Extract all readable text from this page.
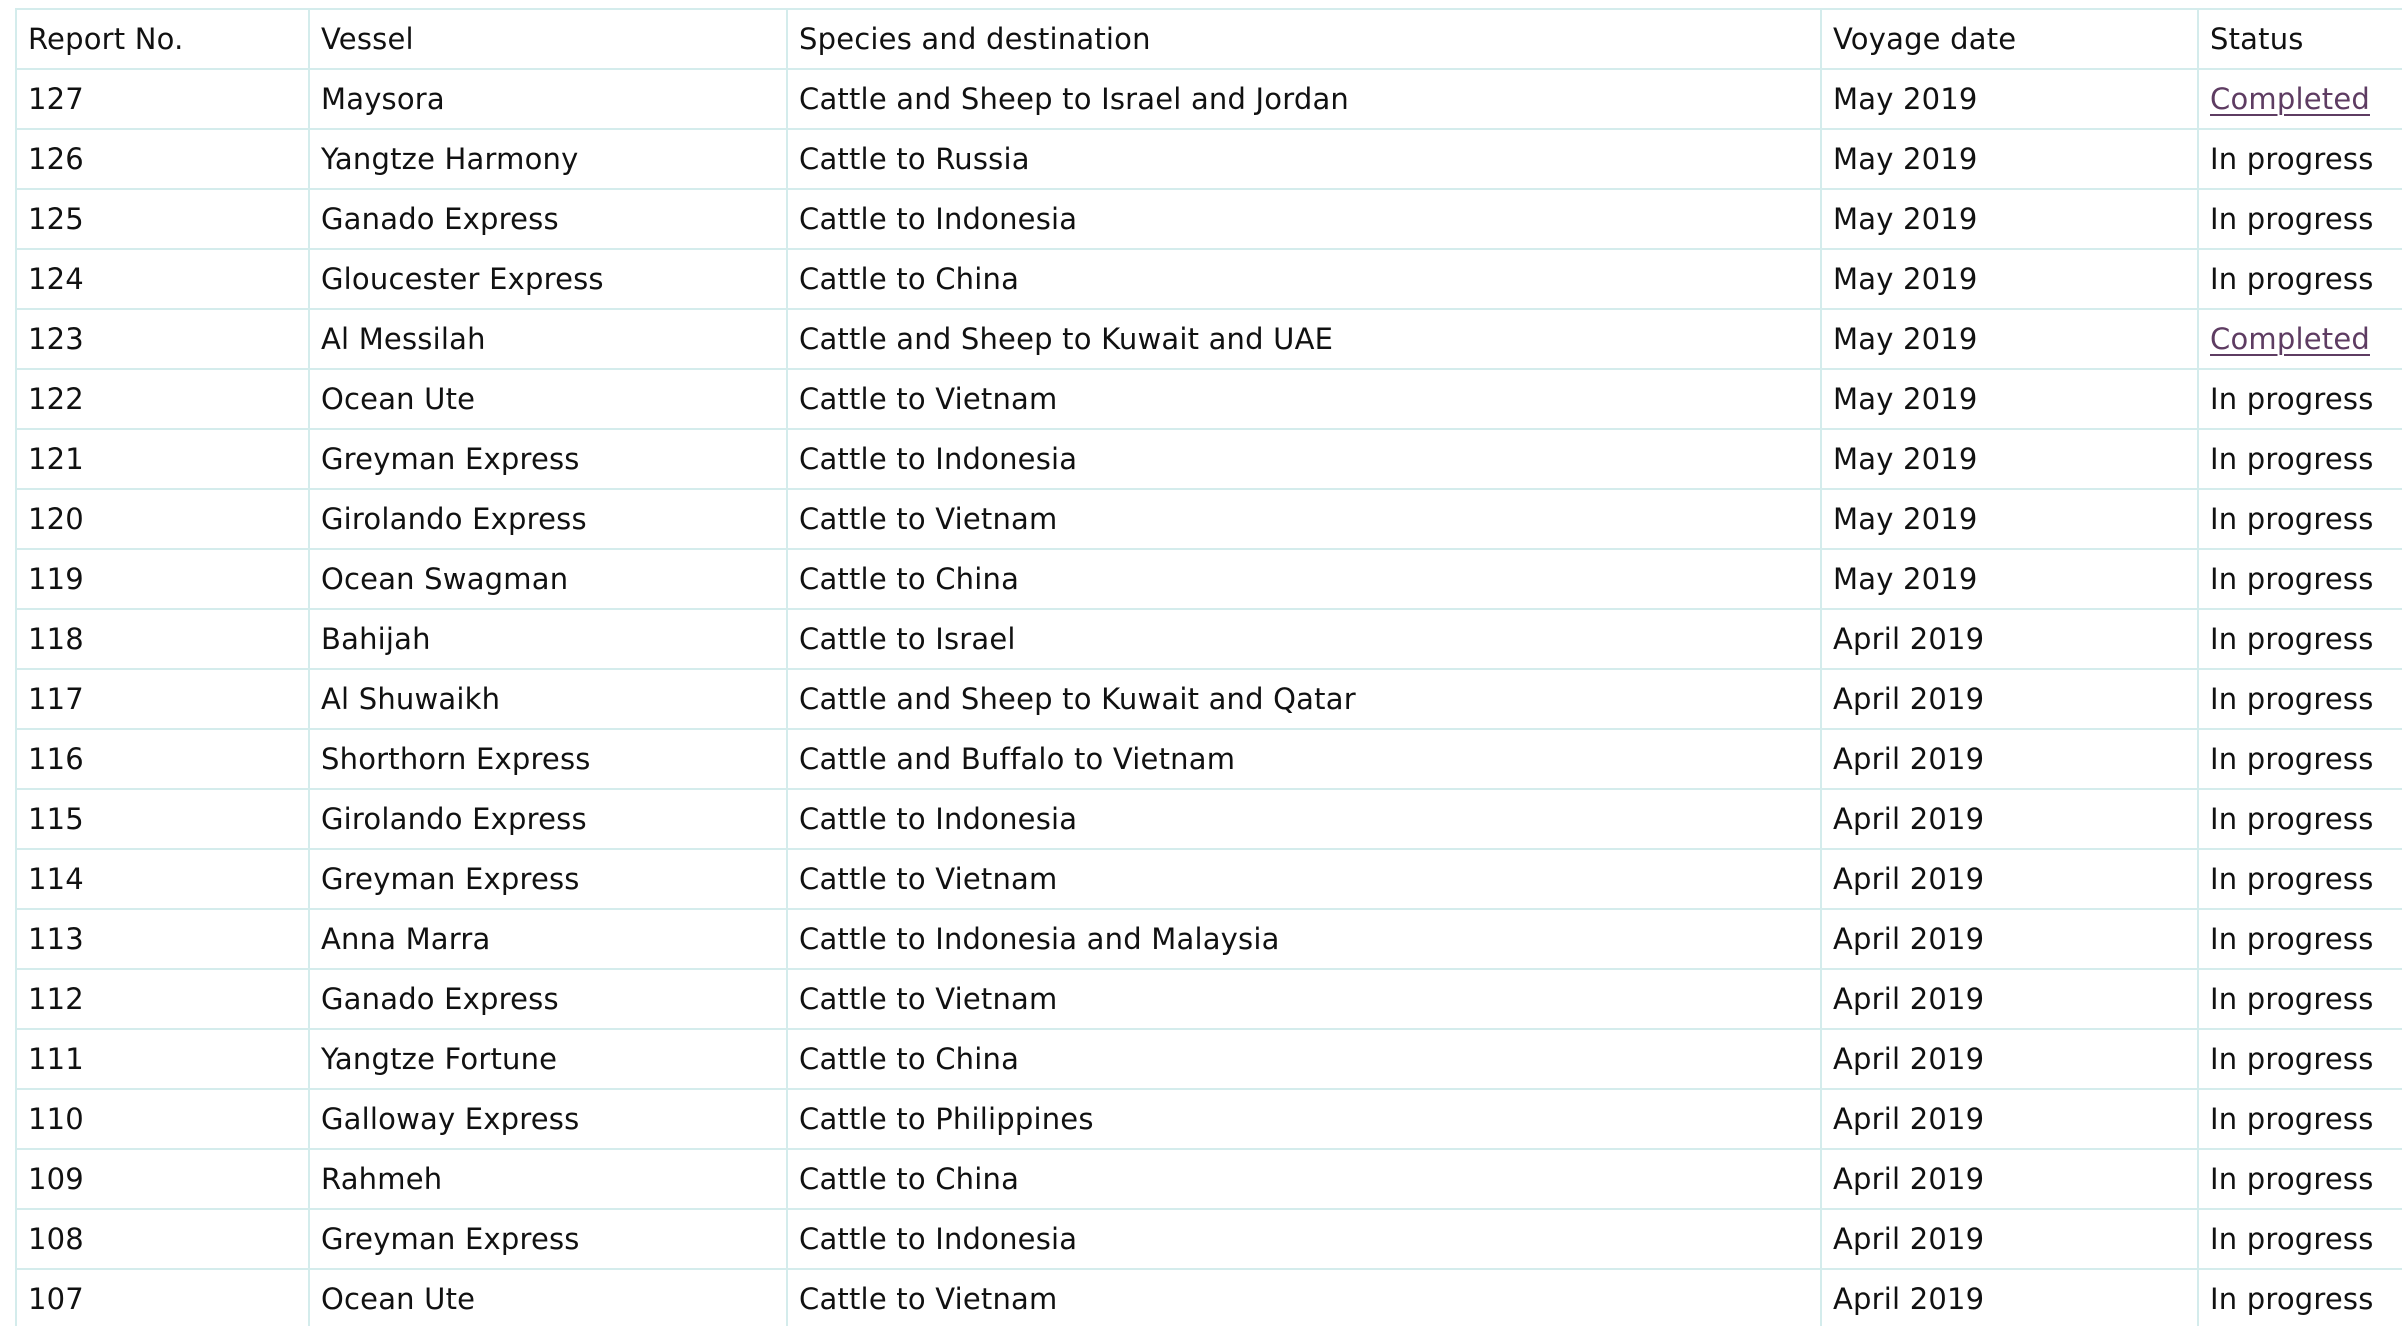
Report No.	Vessel	Species and destination	Voyage date	Status
127	Maysora	Cattle and Sheep to Israel and Jordan	May 2019	Completed
126	Yangtze Harmony	Cattle to Russia	May 2019	In progress
125	Ganado Express	Cattle to Indonesia	May 2019	In progress
124	Gloucester Express	Cattle to China	May 2019	In progress
123	Al Messilah	Cattle and Sheep to Kuwait and UAE	May 2019	Completed
122	Ocean Ute	Cattle to Vietnam	May 2019	In progress
121	Greyman Express	Cattle to Indonesia	May 2019	In progress
120	Girolando Express	Cattle to Vietnam	May 2019	In progress
119	Ocean Swagman	Cattle to China	May 2019	In progress
118	Bahijah	Cattle to Israel	April 2019	In progress
117	Al Shuwaikh	Cattle and Sheep to Kuwait and Qatar	April 2019	In progress
116	Shorthorn Express	Cattle and Buffalo to Vietnam	April 2019	In progress
115	Girolando Express	Cattle to Indonesia	April 2019	In progress
114	Greyman Express	Cattle to Vietnam	April 2019	In progress
113	Anna Marra	Cattle to Indonesia and Malaysia	April 2019	In progress
112	Ganado Express	Cattle to Vietnam	April 2019	In progress
111	Yangtze Fortune	Cattle to China	April 2019	In progress
110	Galloway Express	Cattle to Philippines	April 2019	In progress
109	Rahmeh	Cattle to China	April 2019	In progress
108	Greyman Express	Cattle to Indonesia	April 2019	In progress
107	Ocean Ute	Cattle to Vietnam	April 2019	In progress
